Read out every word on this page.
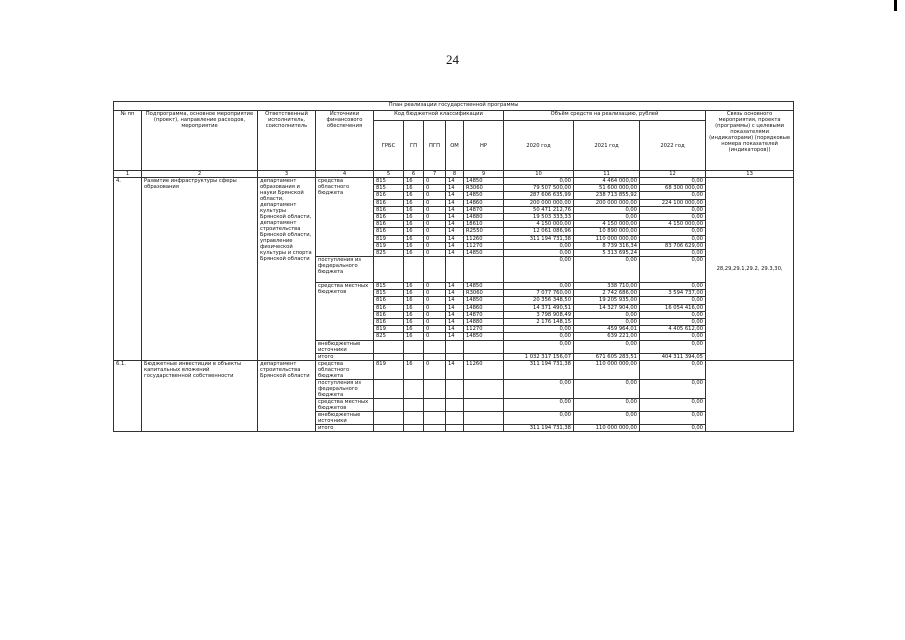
24
План реализации государственной программы												
№ пп	Подпрограмма, основное мероприятие (проект), направление расходов, мероприятие	Ответственный исполнитель, соисполнитель	Источники финансового обеспечения	Код бюджетной классификации					Объём средств на реализацию, рублей			Связь основного мероприятия, проекта (программы) с целевыми показателями (индикаторами) (порядковые номера показателей (индикаторов))
				ГРБС	ГП	ПГП	ОМ	НР	2020 год	2021 год	2022 год	
1	2	3	4	5	6	7	8	9	10	11	12	13
4.	Развитие инфраструктуры сферы образования	департамент образования и науки Брянской области, департамент культуры Брянской области, департамент строительства Брянской области, управление физической культуры и спорта Брянской области	средства областного бюджета	815	16	0	14	14850	0,00	4 464 000,00	0,00	28,29,29.1,29.2, 29.3,30,
				815	16	0	14	R3060	79 507 500,00	51 600 000,00	68 300 000,00	
				816	16	0	14	14850	287 606 635,99	238 713 855,92	0,00	
				816	16	0	14	14860	200 000 000,00	200 000 000,00	224 100 000,00	
				816	16	0	14	14870	50 471 212,76	0,00	0,00	
				816	16	0	14	14880	19 503 333,33	0,00	0,00	
				816	16	0	14	18610	4 150 000,00	4 150 000,00	4 150 000,00	
				816	16	0	14	R2550	12 061 086,96	10 890 000,00	0,00	
				819	16	0	14	11260	311 194 731,38	110 000 000,00	0,00	
				819	16	0	14	11270	0,00	8 739 316,34	83 706 629,00	
				825	16	0	14	14850	0,00	5 313 695,24	0,00	
			поступления из федерального бюджета						0,00	0,00	0,00	
			средства местных бюджетов	815	16	0	14	14850	0,00	338 710,00	0,00	
				815	16	0	14	R3060	7 077 760,00	2 742 686,00	3 594 737,00	
				816	16	0	14	14850	20 356 348,50	19 205 935,00	0,00	
				816	16	0	14	14860	14 371 490,51	14 327 904,00	16 054 416,00	
				816	16	0	14	14870	3 798 908,49	0,00	0,00	
				816	16	0	14	14880	2 176 148,15	0,00	0,00	
				819	16	0	14	11270	0,00	459 964,01	4 405 612,00	
				825	16	0	14	14850	0,00	639 221,00	0,00	
			внебюджетные источники						0,00	0,00	0,00	
			итого						1 032 317 156,07	671 605 283,51	404 311 394,05	
6.1.	Бюджетные инвестиции в объекты капитальных вложений государственной собственности	департамент строительства Брянской области	средства областного бюджета	819	16	0	14	11260	311 194 731,38	110 000 000,00	0,00	
			поступления из федерального бюджета						0,00	0,00	0,00	
			средства местных бюджетов						0,00	0,00	0,00	
			внебюджетные источники						0,00	0,00	0,00	
			итого						311 194 731,38	110 000 000,00	0,00	
